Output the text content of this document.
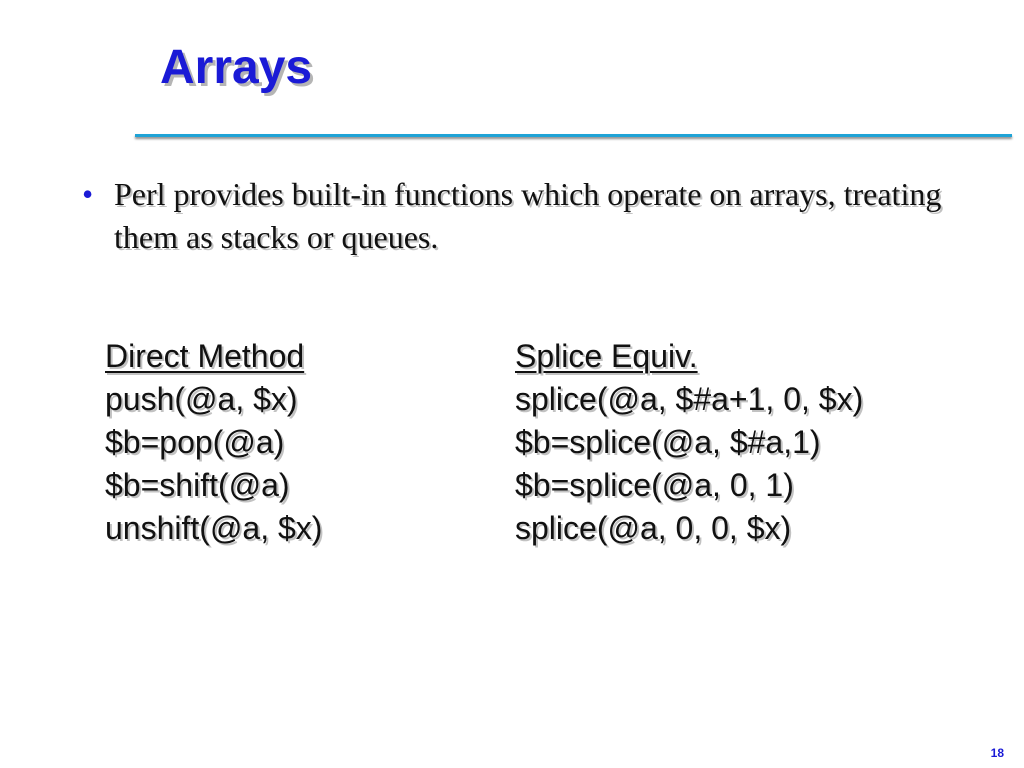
Arrays
• Perl provides built-in functions which operate on arrays, treating them as stacks or queues.
Direct Method	Splice Equiv.
push(@a, $x)	splice(@a, $#a+1, 0, $x)
$b=pop(@a)	$b=splice(@a, $#a,1)
$b=shift(@a)	$b=splice(@a, 0, 1)
unshift(@a, $x)	splice(@a, 0, 0, $x)
18
